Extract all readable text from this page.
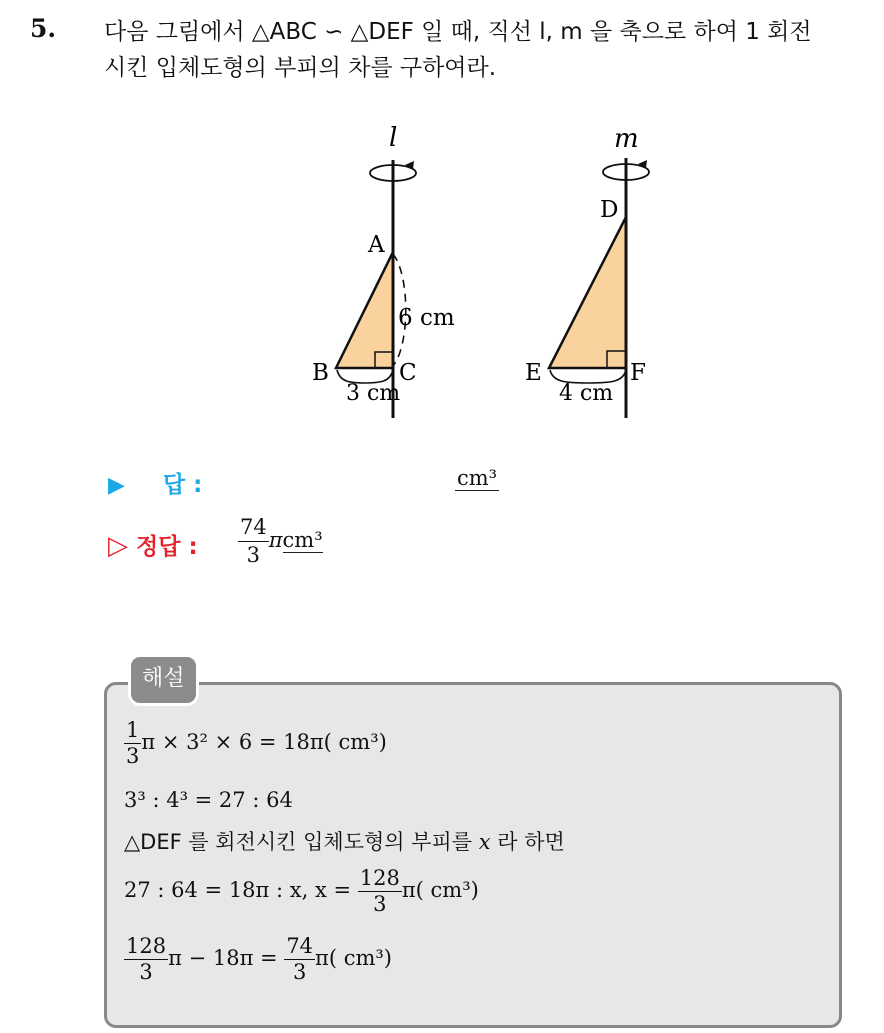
5. 다음 그림에서 △ABC ∽ △DEF 일 때, 직선 l, m 을 축으로 하여 1 회전
시킨 입체도형의 부피의 차를 구하여라.
l	m
A
B	C
D
E	F
6 cm
3 cm	4 cm
▶ 답 :	cm³
▷ 정답 : $\frac{74}{3} \pi cm^3$
해설
$\frac{1}{3}$ π × 3² × 6 = 18π( cm³)
3³ : 4³ = 27 : 64
△DEF 를 회전시킨 입체도형의 부피를 x 라 하면
27 : 64 = 18π : x, $x = \frac{128}{3} \pi$( cm³)
$\frac{128}{3}$ $\pi - 18\pi = \frac{74}{3} \pi$( cm³)
